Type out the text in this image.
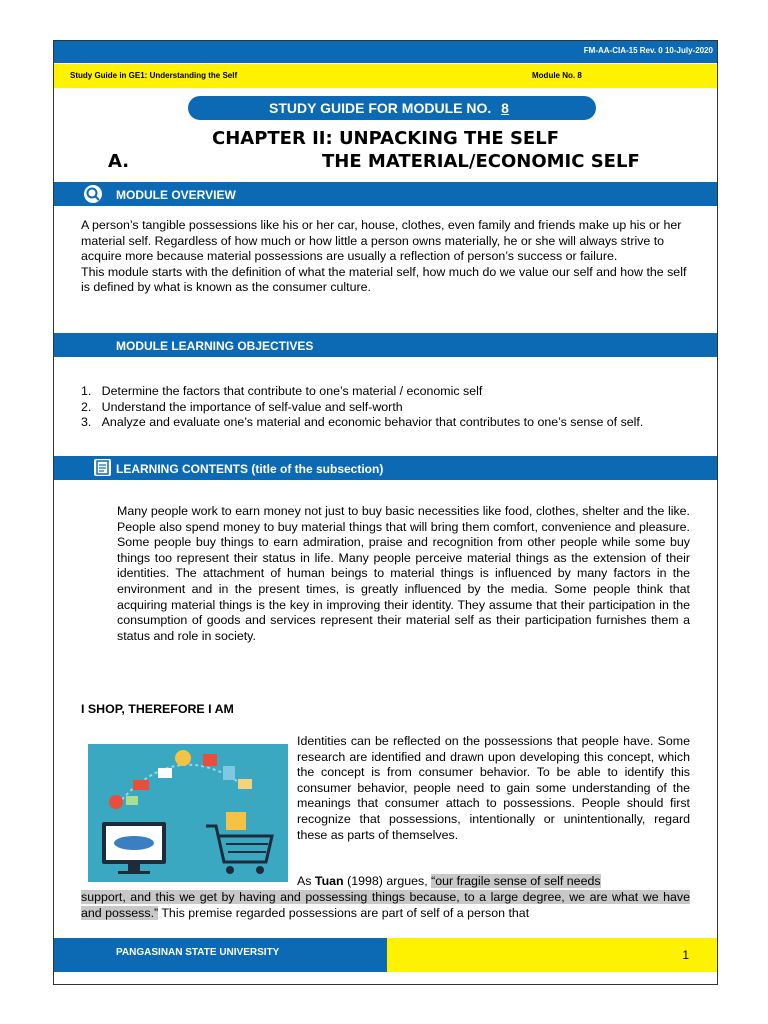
FM-AA-CIA-15 Rev. 0 10-July-2020
Study Guide in GE1: Understanding the Self	Module No. 8
STUDY GUIDE FOR MODULE NO. 8
CHAPTER II: UNPACKING THE SELF
A.	THE MATERIAL/ECONOMIC SELF
MODULE OVERVIEW
A person’s tangible possessions like his or her car, house, clothes, even family and friends make up his or her material self. Regardless of how much or how little a person owns materially, he or she will always strive to acquire more because material possessions are usually a reflection of person’s success or failure.
This module starts with the definition of what the material self, how much do we value our self and how the self is defined by what is known as the consumer culture.
MODULE LEARNING OBJECTIVES
1. Determine the factors that contribute to one’s material / economic self
2. Understand the importance of self-value and self-worth
3. Analyze and evaluate one’s material and economic behavior that contributes to one’s sense of self.
LEARNING CONTENTS (title of the subsection)
Many people work to earn money not just to buy basic necessities like food, clothes, shelter and the like. People also spend money to buy material things that will bring them comfort, convenience and pleasure. Some people buy things to earn admiration, praise and recognition from other people while some buy things too represent their status in life. Many people perceive material things as the extension of their identities. The attachment of human beings to material things is influenced by many factors in the environment and in the present times, is greatly influenced by the media. Some people think that acquiring material things is the key in improving their identity. They assume that their participation in the consumption of goods and services represent their material self as their participation furnishes them a status and role in society.
I SHOP, THEREFORE I AM
Identities can be reflected on the possessions that people have. Some research are identified and drawn upon developing this concept, which the concept is from consumer behavior. To be able to identify this consumer behavior, people need to gain some understanding of the meanings that consumer attach to possessions. People should first recognize that possessions, intentionally or unintentionally, regard these as parts of themselves.
As Tuan (1998) argues, “our fragile sense of self needs
support, and this we get by having and possessing things because, to a large degree, we are what we have and possess.” This premise regarded possessions are part of self of a person that
PANGASINAN STATE UNIVERSITY	1
